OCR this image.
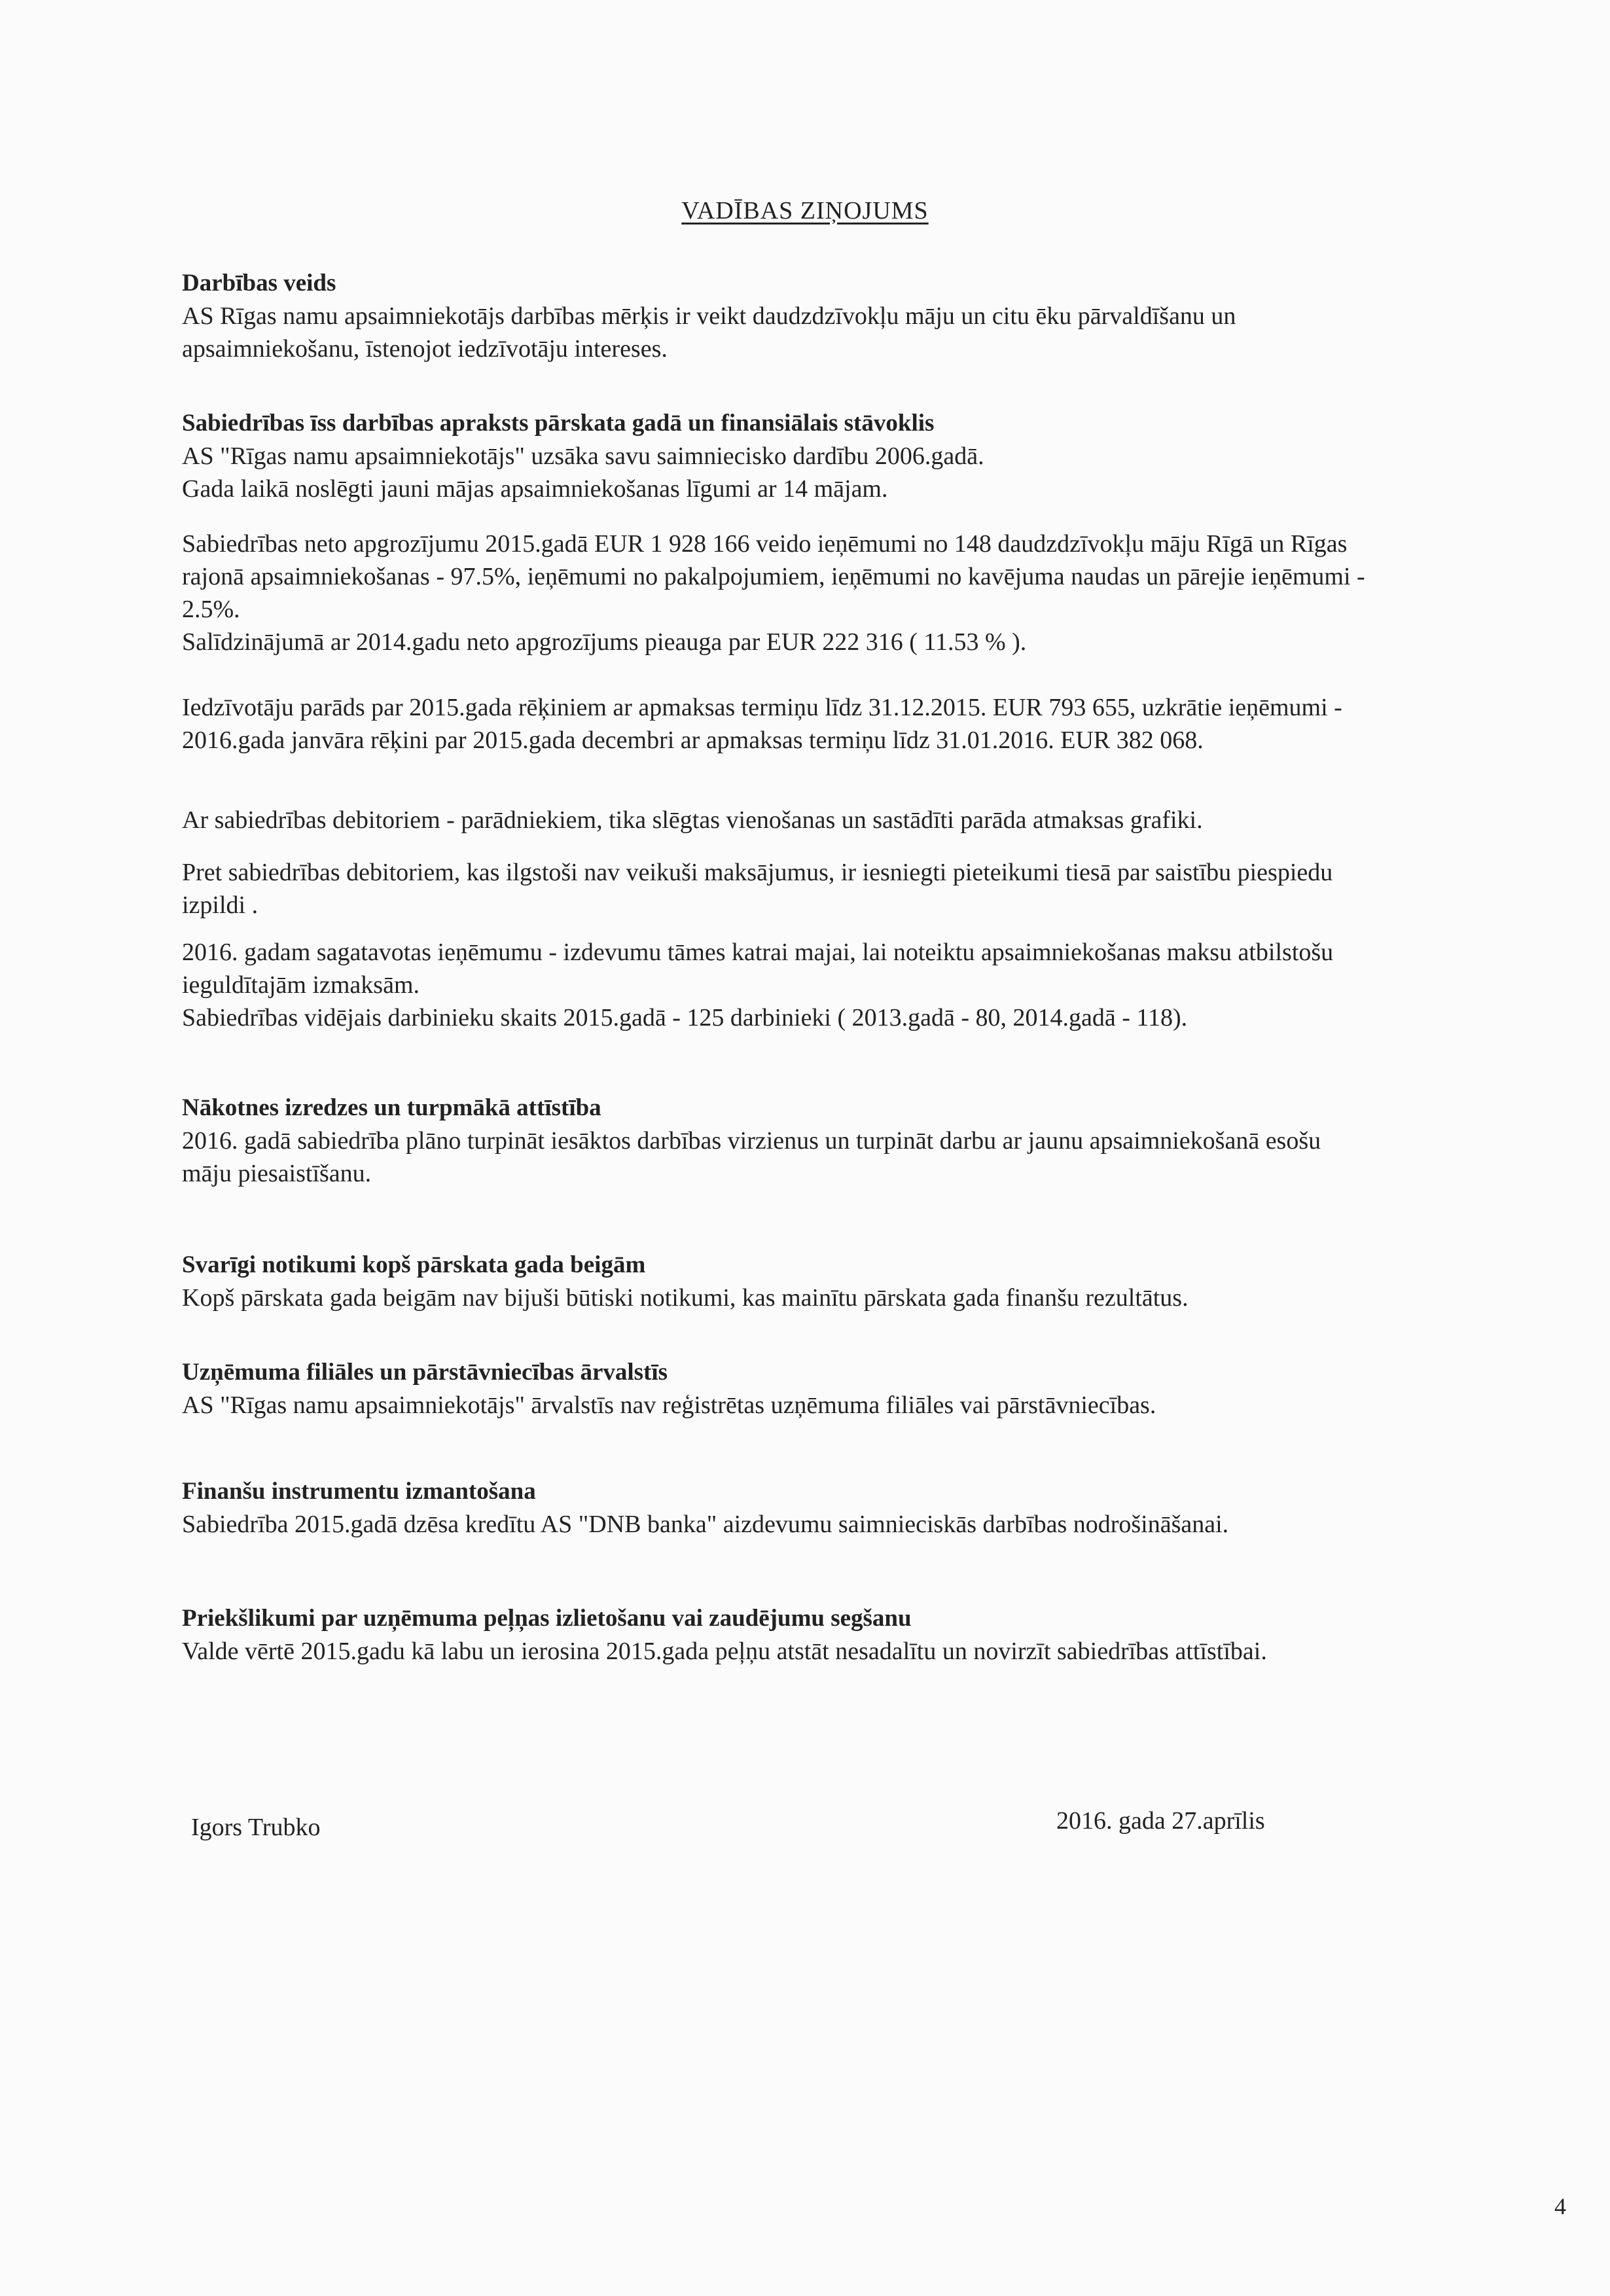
VADĪBAS ZIŅOJUMS
Darbības veids
AS Rīgas namu apsaimniekotājs darbības mērķis ir veikt daudzdzīvokļu māju un citu ēku pārvaldīšanu un
apsaimniekošanu, īstenojot iedzīvotāju intereses.
Sabiedrības īss darbības apraksts pārskata gadā un finansiālais stāvoklis
AS "Rīgas namu apsaimniekotājs" uzsāka savu saimniecisko dardību 2006.gadā.
Gada laikā noslēgti jauni mājas apsaimniekošanas līgumi ar 14 mājam.
Sabiedrības neto apgrozījumu 2015.gadā EUR 1 928 166 veido ieņēmumi no 148 daudzdzīvokļu māju Rīgā un Rīgas
rajonā apsaimniekošanas - 97.5%, ieņēmumi no pakalpojumiem, ieņēmumi no kavējuma naudas un pārejie ieņēmumi -
2.5%.
Salīdzinājumā ar 2014.gadu neto apgrozījums pieauga par EUR 222 316 ( 11.53 % ).
Iedzīvotāju parāds par 2015.gada rēķiniem ar apmaksas termiņu līdz 31.12.2015. EUR 793 655, uzkrātie ieņēmumi -
2016.gada janvāra rēķini par 2015.gada decembri ar apmaksas termiņu līdz 31.01.2016. EUR 382 068.
Ar sabiedrības debitoriem - parādniekiem, tika slēgtas vienošanas un sastādīti parāda atmaksas grafiki.
Pret sabiedrības debitoriem, kas ilgstoši nav veikuši maksājumus, ir iesniegti pieteikumi tiesā par saistību piespiedu
izpildi .
2016. gadam sagatavotas ieņēmumu - izdevumu tāmes katrai majai, lai noteiktu apsaimniekošanas maksu atbilstošu
ieguldītajām izmaksām.
Sabiedrības vidējais darbinieku skaits 2015.gadā - 125 darbinieki ( 2013.gadā - 80, 2014.gadā - 118).
Nākotnes izredzes un turpmākā attīstība
2016. gadā sabiedrība plāno turpināt iesāktos darbības virzienus un turpināt darbu ar jaunu apsaimniekošanā esošu
māju piesaistīšanu.
Svarīgi notikumi kopš pārskata gada beigām
Kopš pārskata gada beigām nav bijuši būtiski notikumi, kas mainītu pārskata gada finanšu rezultātus.
Uzņēmuma filiāles un pārstāvniecības ārvalstīs
AS "Rīgas namu apsaimniekotājs" ārvalstīs nav reģistrētas uzņēmuma filiāles vai pārstāvniecības.
Finanšu instrumentu izmantošana
Sabiedrība 2015.gadā dzēsa kredītu AS "DNB banka" aizdevumu saimnieciskās darbības nodrošināšanai.
Priekšlikumi par uzņēmuma peļņas izlietošanu vai zaudējumu segšanu
Valde vērtē 2015.gadu kā labu un ierosina 2015.gada peļņu atstāt nesadalītu un novirzīt sabiedrības attīstībai.
Igors Trubko	2016. gada 27.aprīlis
4
